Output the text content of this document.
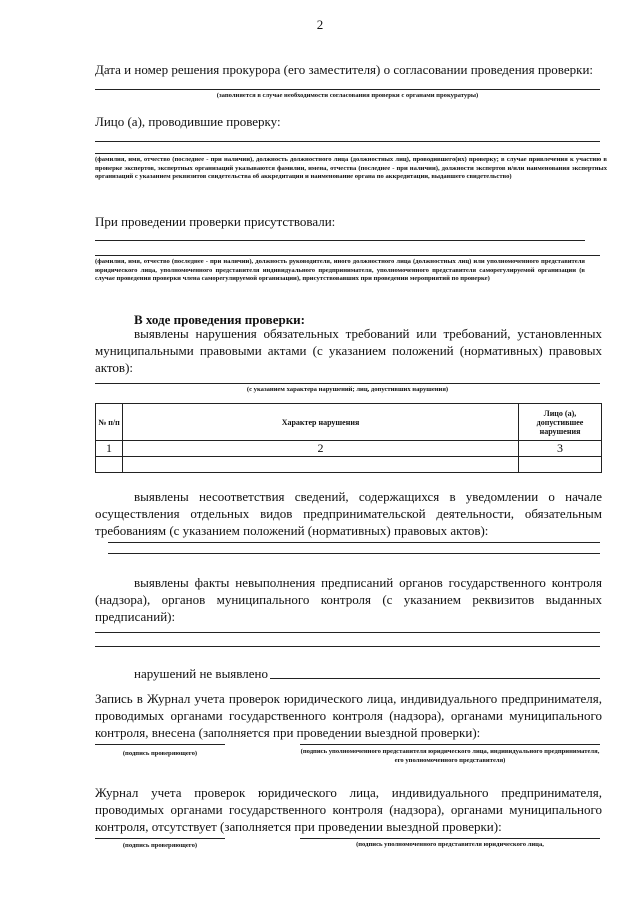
2
Дата и номер решения прокурора (его заместителя) о согласовании проведения проверки:
(заполняется в случае необходимости согласования проверки с органами прокуратуры)
Лицо (а), проводившие проверку:
(фамилия, имя, отчество (последнее - при наличии), должность должностного лица (должностных лиц), проводившего(их) проверку; в случае привлечения к участию в проверке экспертов, экспертных организаций указываются фамилии, имена, отчества (последнее - при наличии), должности экспертов и/или наименования экспертных организаций с указанием реквизитов свидетельства об аккредитации и наименование органа по аккредитации, выдавшего свидетельство)
При проведении проверки присутствовали:
(фамилия, имя, отчество (последнее - при наличии), должность руководителя, иного должностного лица (должностных лиц) или уполномоченного представителя юридического лица, уполномоченного представителя индивидуального предпринимателя, уполномоченного представителя саморегулируемой организации (в случае проведения проверки члена саморегулируемой организации), присутствовавших при проведении мероприятий по проверке)
В ходе проведения проверки:
выявлены нарушения обязательных требований или требований, установленных муниципальными правовыми актами (с указанием положений (нормативных) правовых актов):
(с указанием характера нарушений; лиц, допустивших нарушения)
№ п/п	Характер нарушения	Лицо (а), допустившее нарушения
1	2	3

выявлены несоответствия сведений, содержащихся в уведомлении о начале осуществления отдельных видов предпринимательской деятельности, обязательным требованиям (с указанием положений (нормативных) правовых актов):
выявлены факты невыполнения предписаний органов государственного контроля (надзора), органов муниципального контроля (с указанием реквизитов выданных предписаний):
нарушений не выявлено
Запись в Журнал учета проверок юридического лица, индивидуального предпринимателя, проводимых органами государственного контроля (надзора), органами муниципального контроля, внесена (заполняется при проведении выездной проверки):
(подпись проверяющего)	(подпись уполномоченного представителя юридического лица, индивидуального предпринимателя, его уполномоченного представителя)
Журнал учета проверок юридического лица, индивидуального предпринимателя, проводимых органами государственного контроля (надзора), органами муниципального контроля, отсутствует (заполняется при проведении выездной проверки):
(подпись проверяющего)	(подпись уполномоченного представителя юридического лица,
